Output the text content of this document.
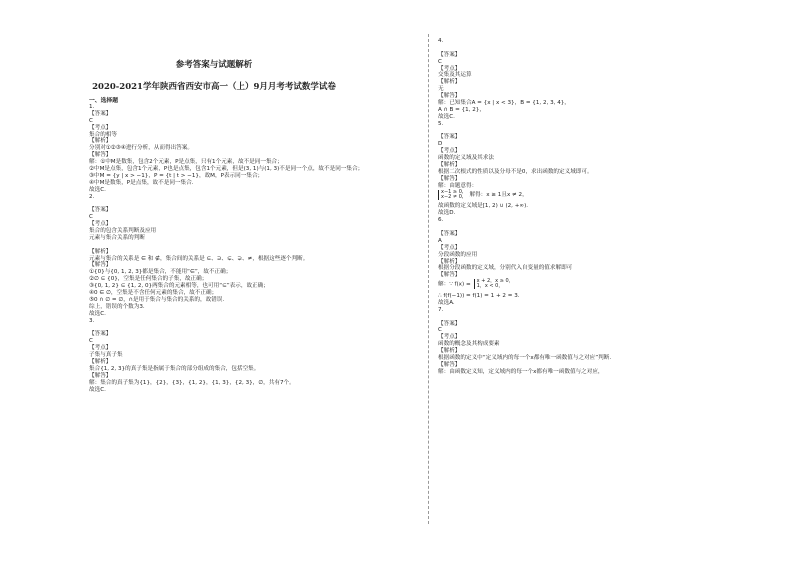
参考答案与试题解析
2020-2021学年陕西省西安市高一（上）9月月考考试数学试卷
一、选择题
1.
【答案】
C
【考点】
集合的相等
【解析】
分别对①②③④进行分析，从而得出答案。
【解答】
解：①中M是数集，包含2个元素，P是点集，只有1个元素，故不是同一集合；
②中M是点集，包含1个元素，P也是点集，包含1个元素，但是(3, 1)与(1, 3)不是同一个点，故不是同一集合；
③中M = {y | x > −1}，P = {t | t > −1}，故M，P表示同一集合；
④中M是数集，P是点集，故不是同一集合.
故选C.
2.
【答案】
C
【考点】
集合的包含关系判断及应用
元素与集合关系的判断
【解析】
元素与集合的关系是 ∈ 和 ∉，集合间的关系是 ⊆、⊇、⊊、⊋、≠，根据这些逐个判断。
【解答】
①{0}与{0, 1, 2, 3}都是集合，不能用“∈”，故不正确；
②∅ ⊆ {0}，空集是任何集合的子集，故正确；
③{0, 1, 2} ⊆ {1, 2, 0}两集合的元素相等，也可用“⊆”表示，故正确；
④0 ∈ ∅，空集是不含任何元素的集合，故不正确；
⑤0 ∩ ∅ = ∅，∩是用于集合与集合的关系的，故错误.
综上，错误的个数为3.
故选C.
3.
【答案】
C
【考点】
子集与真子集
【解析】
集合{1, 2, 3}的真子集是指属于集合的部分组成的集合，包括空集。
【解答】
解：集合的真子集为{1}，{2}，{3}，{1, 2}，{1, 3}，{2, 3}，∅，共有7个。
故选C.
4.
【答案】
C
【考点】
交集及其运算
【解析】
无
【解答】
解：已知集合A = {x | x < 3}，B = {1, 2, 3, 4}，
A ∩ B = {1, 2}，
故选C.
5.
【答案】
D
【考点】
函数的定义域及其求法
【解析】
根据二次根式的性质以及分母不是0，求出函数的定义域即可。
【解答】
解：由题意得：
x−1 ≥ 0,
x−2 ≠ 0, 解得：x ≥ 1且x ≠ 2，
故函数的定义域是[1, 2) ∪ (2, +∞).
故选D.
6.
【答案】
A
【考点】
分段函数的应用
【解析】
根据分段函数的定义域，分别代入自变量的值求解即可
【解答】
解：∵ f(x) =
x + 2，x ≥ 0，
1，x < 0，
∴ f(f(−1)) = f(1) = 1 + 2 = 3.
故选A.
7.
【答案】
C
【考点】
函数的概念及其构成要素
【解析】
根据函数的定义中“定义域内的每一个x都有唯一函数值与之对应”判断.
【解答】
解：由函数定义知，定义域内的每一个x都有唯一函数值与之对应，
